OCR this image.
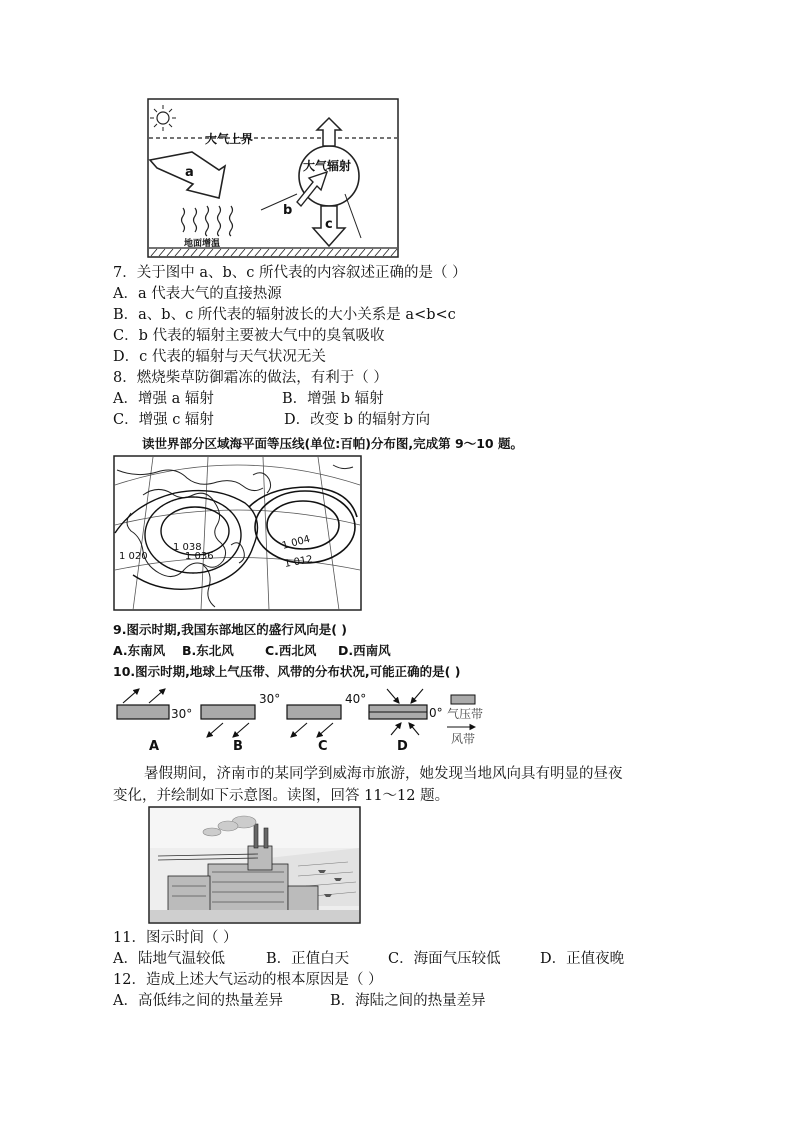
大气上界
a
地面增温
大气辐射
c
b
7．关于图中 a、b、c 所代表的内容叙述正确的是（ ）
A．a 代表大气的直接热源
B．a、b、c 所代表的辐射波长的大小关系是 a<b<c
C．b 代表的辐射主要被大气中的臭氧吸收
D．c 代表的辐射与天气状况无关
8．燃烧柴草防御霜冻的做法，有利于（ ）
A．增强 a 辐射	B．增强 b 辐射
C．增强 c 辐射	D．改变 b 的辐射方向
读世界部分区域海平面等压线(单位:百帕)分布图,完成第 9～10 题。
1 038
1 036
1 020
1 004
1 012
9.图示时期,我国东部地区的盛行风向是( )
A.东南风 B.东北风 C.西北风 D.西南风
10.图示时期,地球上气压带、风带的分布状况,可能正确的是( )
30°
A
30°
B
40°
C
0°
D
气压带
风带
暑假期间，济南市的某同学到威海市旅游，她发现当地风向具有明显的昼夜
变化，并绘制如下示意图。读图，回答 11～12 题。
11．图示时间（ ）
A．陆地气温较低	B．正值白天	C．海面气压较低	D．正值夜晚
12．造成上述大气运动的根本原因是（ ）
A．高低纬之间的热量差异	B．海陆之间的热量差异
